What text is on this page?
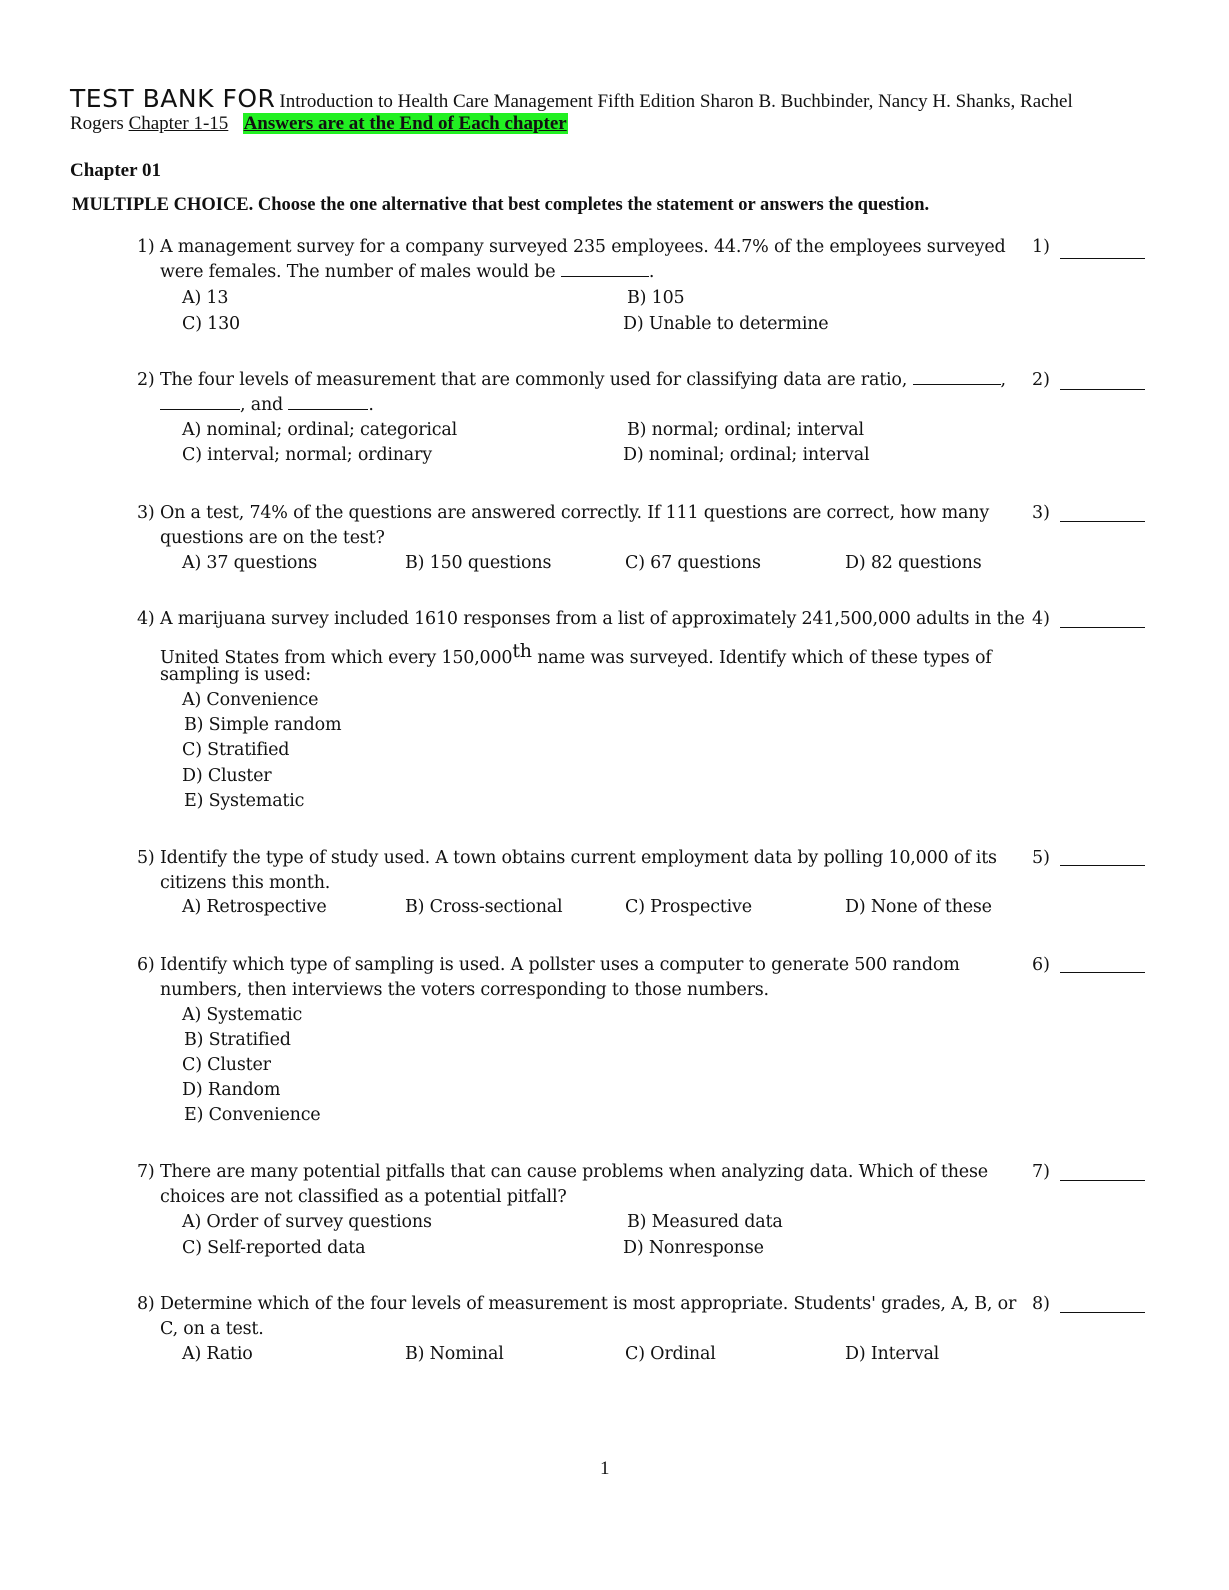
TEST BANK FOR Introduction to Health Care Management Fifth Edition Sharon B. Buchbinder, Nancy H. Shanks, Rachel
Rogers Chapter 1-15 Answers are at the End of Each chapter
Chapter 01
MULTIPLE CHOICE. Choose the one alternative that best completes the statement or answers the question.
1) A management survey for a company surveyed 235 employees. 44.7% of the employees surveyed
were females. The number of males would be	.
A) 13	B) 105
C) 130	D) Unable to determine
1)
2) The four levels of measurement that are commonly used for classifying data are ratio,	,
, and	.
A) nominal; ordinal; categorical	B) normal; ordinal; interval
C) interval; normal; ordinary	D) nominal; ordinal; interval
2)
3) On a test, 74% of the questions are answered correctly. If 111 questions are correct, how many
questions are on the test?
A) 37 questions	B) 150 questions	C) 67 questions	D) 82 questions
3)
4) A marijuana survey included 1610 responses from a list of approximately 241,500,000 adults in the
United States from which every 150,000th name was surveyed. Identify which of these types of
sampling is used:
A) Convenience
B) Simple random
C) Stratified
D) Cluster
E) Systematic
4)
5) Identify the type of study used. A town obtains current employment data by polling 10,000 of its
citizens this month.
A) Retrospective	B) Cross-sectional	C) Prospective	D) None of these
5)
6) Identify which type of sampling is used. A pollster uses a computer to generate 500 random
numbers, then interviews the voters corresponding to those numbers.
A) Systematic
B) Stratified
C) Cluster
D) Random
E) Convenience
6)
7) There are many potential pitfalls that can cause problems when analyzing data. Which of these
choices are not classified as a potential pitfall?
A) Order of survey questions	B) Measured data
C) Self-reported data	D) Nonresponse
7)
8) Determine which of the four levels of measurement is most appropriate. Students' grades, A, B, or
C, on a test.
A) Ratio	B) Nominal	C) Ordinal	D) Interval
8)
1
